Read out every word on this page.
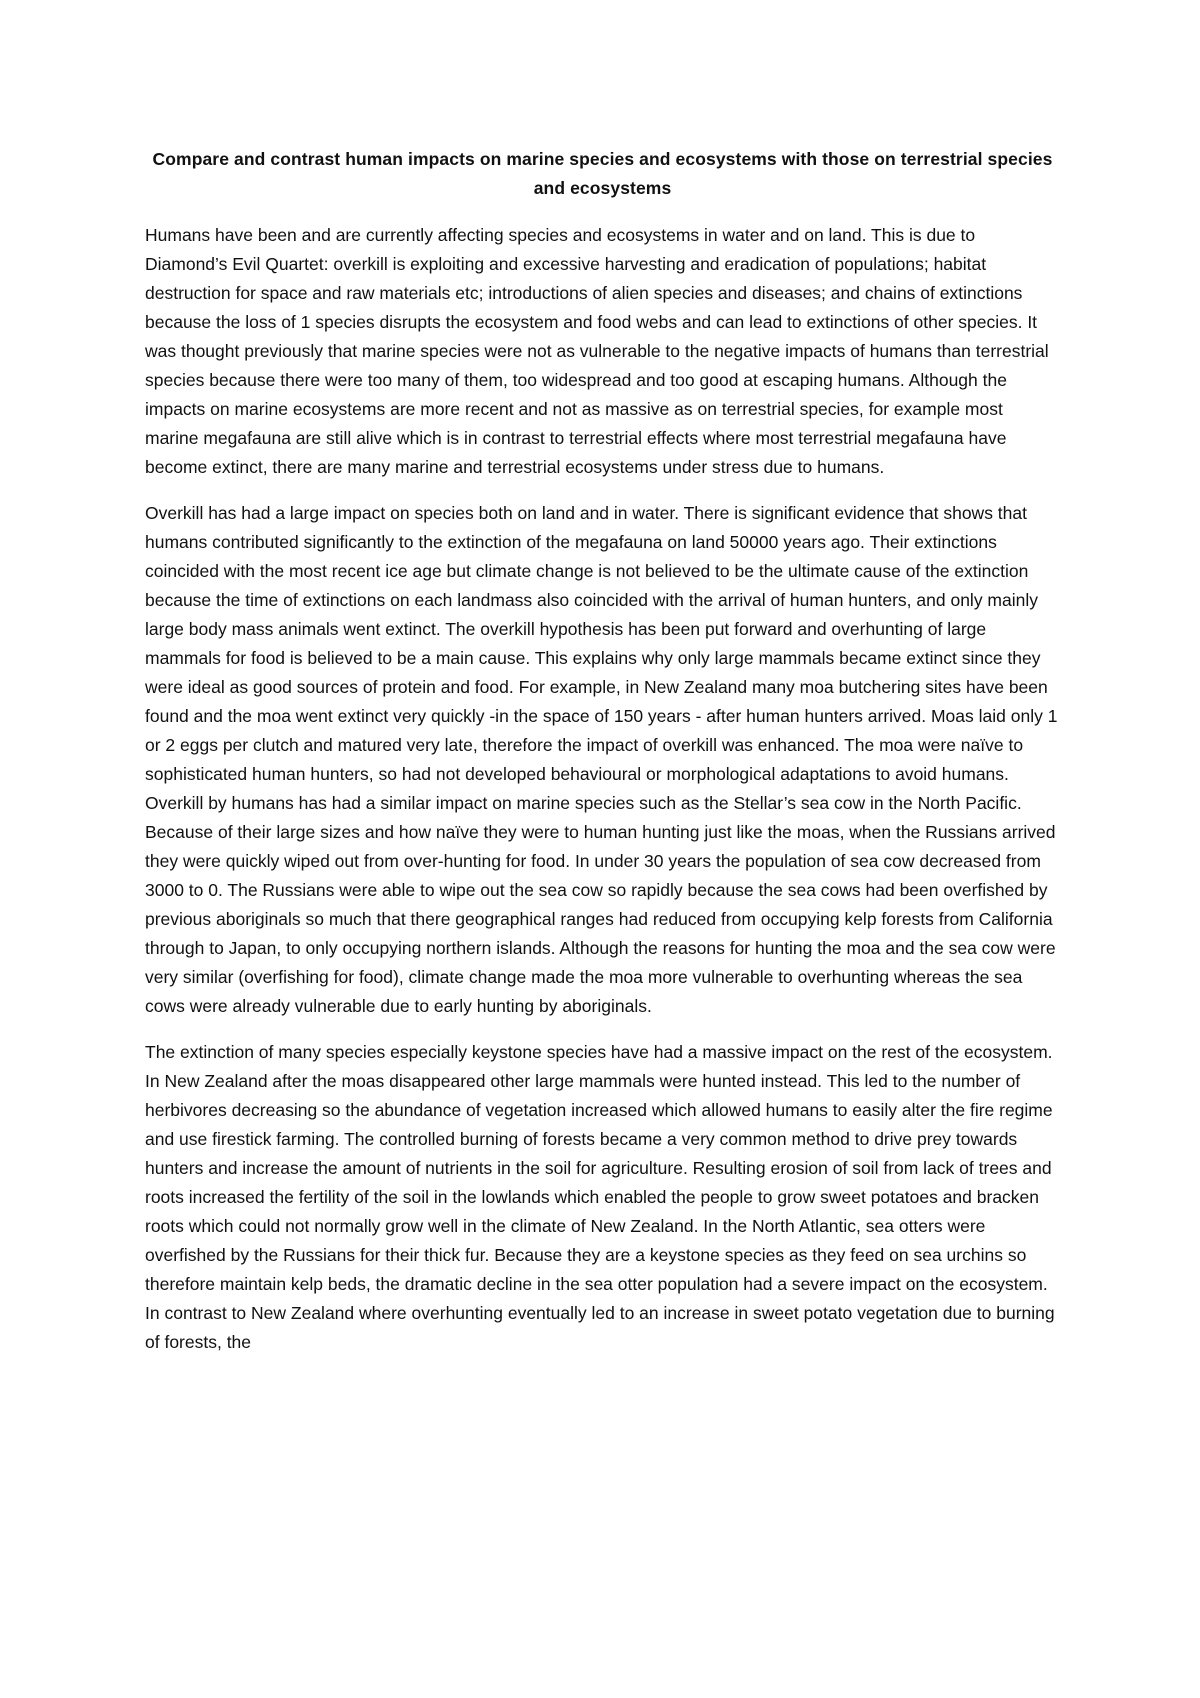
Compare and contrast human impacts on marine species and ecosystems with those on terrestrial species and ecosystems

Humans have been and are currently affecting species and ecosystems in water and on land. This is due to Diamond’s Evil Quartet: overkill is exploiting and excessive harvesting and eradication of populations; habitat destruction for space and raw materials etc; introductions of alien species and diseases; and chains of extinctions because the loss of 1 species disrupts the ecosystem and food webs and can lead to extinctions of other species. It was thought previously that marine species were not as vulnerable to the negative impacts of humans than terrestrial species because there were too many of them, too widespread and too good at escaping humans. Although the impacts on marine ecosystems are more recent and not as massive as on terrestrial species, for example most marine megafauna are still alive which is in contrast to terrestrial effects where most terrestrial megafauna have become extinct, there are many marine and terrestrial ecosystems under stress due to humans.

Overkill has had a large impact on species both on land and in water. There is significant evidence that shows that humans contributed significantly to the extinction of the megafauna on land 50000 years ago. Their extinctions coincided with the most recent ice age but climate change is not believed to be the ultimate cause of the extinction because the time of extinctions on each landmass also coincided with the arrival of human hunters, and only mainly large body mass animals went extinct. The overkill hypothesis has been put forward and overhunting of large mammals for food is believed to be a main cause. This explains why only large mammals became extinct since they were ideal as good sources of protein and food. For example, in New Zealand many moa butchering sites have been found and the moa went extinct very quickly -in the space of 150 years - after human hunters arrived. Moas laid only 1 or 2 eggs per clutch and matured very late, therefore the impact of overkill was enhanced. The moa were naïve to sophisticated human hunters, so had not developed behavioural or morphological adaptations to avoid humans. Overkill by humans has had a similar impact on marine species such as the Stellar’s sea cow in the North Pacific. Because of their large sizes and how naïve they were to human hunting just like the moas, when the Russians arrived they were quickly wiped out from over-hunting for food. In under 30 years the population of sea cow decreased from 3000 to 0. The Russians were able to wipe out the sea cow so rapidly because the sea cows had been overfished by previous aboriginals so much that there geographical ranges had reduced from occupying kelp forests from California through to Japan, to only occupying northern islands. Although the reasons for hunting the moa and the sea cow were very similar (overfishing for food), climate change made the moa more vulnerable to overhunting whereas the sea cows were already vulnerable due to early hunting by aboriginals.

The extinction of many species especially keystone species have had a massive impact on the rest of the ecosystem. In New Zealand after the moas disappeared other large mammals were hunted instead. This led to the number of herbivores decreasing so the abundance of vegetation increased which allowed humans to easily alter the fire regime and use firestick farming. The controlled burning of forests became a very common method to drive prey towards hunters and increase the amount of nutrients in the soil for agriculture. Resulting erosion of soil from lack of trees and roots increased the fertility of the soil in the lowlands which enabled the people to grow sweet potatoes and bracken roots which could not normally grow well in the climate of New Zealand. In the North Atlantic, sea otters were overfished by the Russians for their thick fur. Because they are a keystone species as they feed on sea urchins so therefore maintain kelp beds, the dramatic decline in the sea otter population had a severe impact on the ecosystem. In contrast to New Zealand where overhunting eventually led to an increase in sweet potato vegetation due to burning of forests, the
